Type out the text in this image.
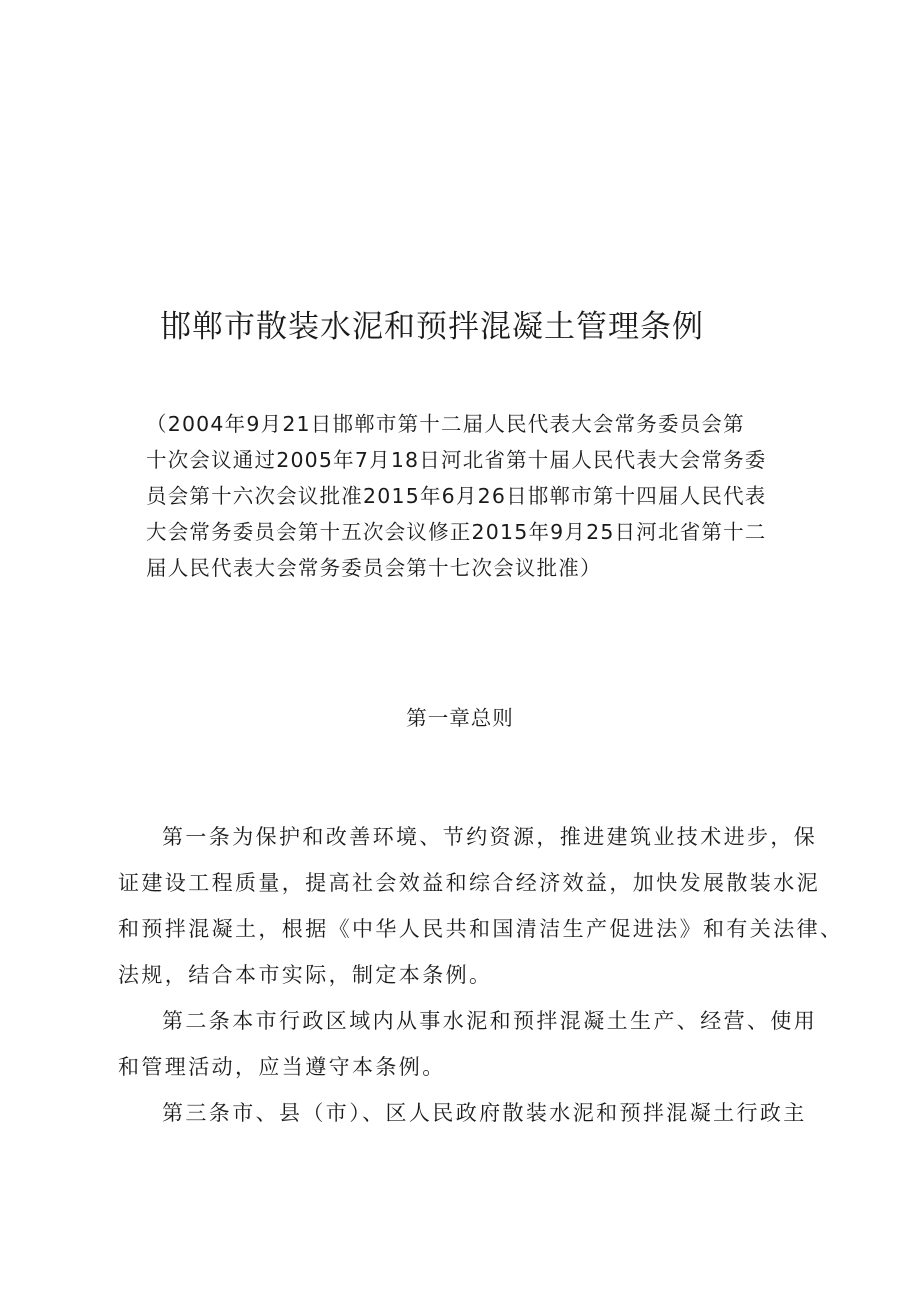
邯郸市散装水泥和预拌混凝土管理条例

（2004年9月21日邯郸市第十二届人民代表大会常务委员会第
十次会议通过2005年7月18日河北省第十届人民代表大会常务委
员会第十六次会议批准2015年6月26日邯郸市第十四届人民代表
大会常务委员会第十五次会议修正2015年9月25日河北省第十二
届人民代表大会常务委员会第十七次会议批准）

第一章总则
第一条为保护和改善环境、节约资源，推进建筑业技术进步，保
证建设工程质量，提高社会效益和综合经济效益，加快发展散装水泥
和预拌混凝土，根据《中华人民共和国清洁生产促进法》和有关法律、
法规，结合本市实际，制定本条例。
第二条本市行政区域内从事水泥和预拌混凝土生产、经营、使用
和管理活动，应当遵守本条例。
第三条市、县（市）、区人民政府散装水泥和预拌混凝土行政主
